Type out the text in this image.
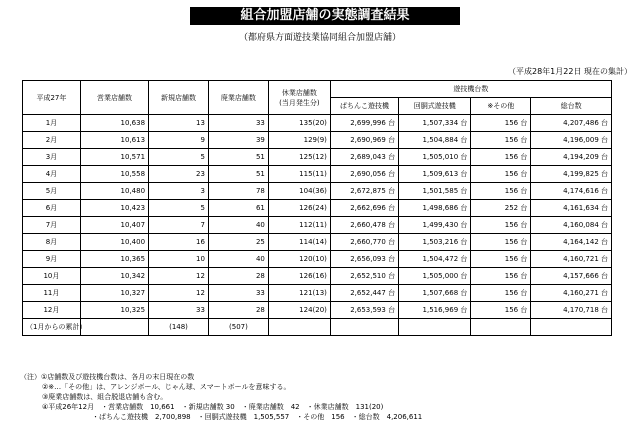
組合加盟店舗の実態調査結果
（都府県方面遊技業協同組合加盟店舗）
（平成28年1月22日 現在の集計）
平成27年	営業店舗数	新規店舗数	廃業店舗数	休業店舗数
(当月発生分)	遊技機台数			
					ぱちんこ遊技機	回胴式遊技機	※その他	総台数
1月	10,638	13	33	135(20)	2,699,996 台	1,507,334 台	156 台	4,207,486 台
2月	10,613	9	39	129(9)	2,690,969 台	1,504,884 台	156 台	4,196,009 台
3月	10,571	5	51	125(12)	2,689,043 台	1,505,010 台	156 台	4,194,209 台
4月	10,558	23	51	115(11)	2,690,056 台	1,509,613 台	156 台	4,199,825 台
5月	10,480	3	78	104(36)	2,672,875 台	1,501,585 台	156 台	4,174,616 台
6月	10,423	5	61	126(24)	2,662,696 台	1,498,686 台	252 台	4,161,634 台
7月	10,407	7	40	112(11)	2,660,478 台	1,499,430 台	156 台	4,160,084 台
8月	10,400	16	25	114(14)	2,660,770 台	1,503,216 台	156 台	4,164,142 台
9月	10,365	10	40	120(10)	2,656,093 台	1,504,472 台	156 台	4,160,721 台
10月	10,342	12	28	126(16)	2,652,510 台	1,505,000 台	156 台	4,157,666 台
11月	10,327	12	33	121(13)	2,652,447 台	1,507,668 台	156 台	4,160,271 台
12月	10,325	33	28	124(20)	2,653,593 台	1,516,969 台	156 台	4,170,718 台
（1月からの累計）		(148)	(507)					
（注）①店舗数及び遊技機台数は、各月の末日現在の数
②※…「その他」は、アレンジボール、じゃん球、スマートボールを意味する。
③廃業店舗数は、組合脱退店舗も含む。
④平成26年12月　・営業店舗数　10,661　・新規店舗数 30　・廃業店舗数　42　・休業店舗数　131(20)
・ぱちんこ遊技機　2,700,898　・回胴式遊技機　1,505,557　・その他　156　・総台数　4,206,611
